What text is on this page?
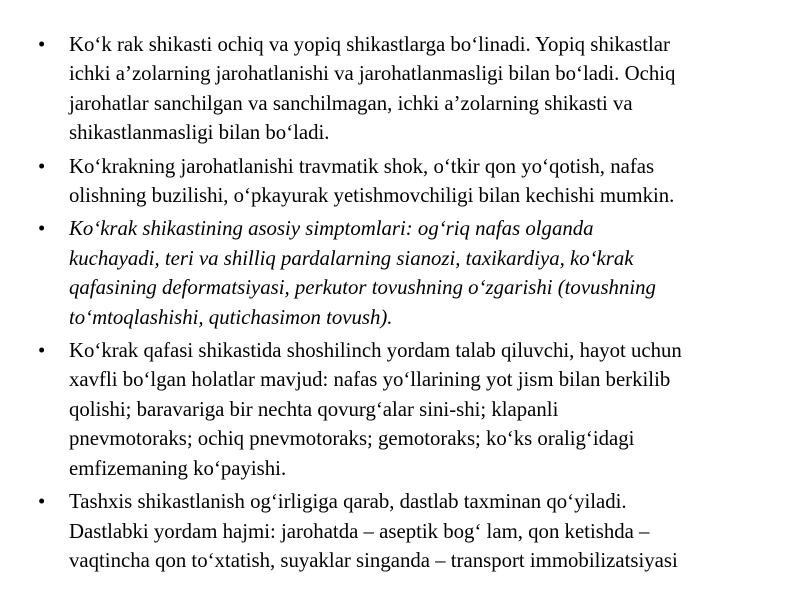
• Ko‘k rak shikasti ochiq va yopiq shikastlarga bo‘linadi. Yopiq shikastlar
ichki a’zolarning jarohatlanishi va jarohatlanmasligi bilan bo‘ladi. Ochiq
jarohatlar sanchilgan va sanchilmagan, ichki a’zolarning shikasti va
shikastlanmasligi bilan bo‘ladi.
• Ko‘krakning jarohatlanishi travmatik shok, o‘tkir qon yo‘qotish, nafas
olishning buzilishi, o‘pkayurak yetishmovchiligi bilan kechishi mumkin.
• Ko‘krak shikastining asosiy simptomlari: og‘riq nafas olganda
kuchayadi, teri va shilliq pardalarning sianozi, taxikardiya, ko‘krak
qafasining deformatsiyasi, perkutor tovushning o‘zgarishi (tovushning
to‘mtoqlashishi, qutichasimon tovush).
• Ko‘krak qafasi shikastida shoshilinch yordam talab qiluvchi, hayot uchun
xavfli bo‘lgan holatlar mavjud: nafas yo‘llarining yot jism bilan berkilib
qolishi; baravariga bir nechta qovurg‘alar sini-shi; klapanli
pnevmotoraks; ochiq pnevmotoraks; gemotoraks; ko‘ks oralig‘idagi
emfizemaning ko‘payishi.
• Tashxis shikastlanish og‘irligiga qarab, dastlab taxminan qo‘yiladi.
Dastlabki yordam hajmi: jarohatda – aseptik bog‘ lam, qon ketishda –
vaqtincha qon to‘xtatish, suyaklar singanda – transport immobilizatsiyasi
